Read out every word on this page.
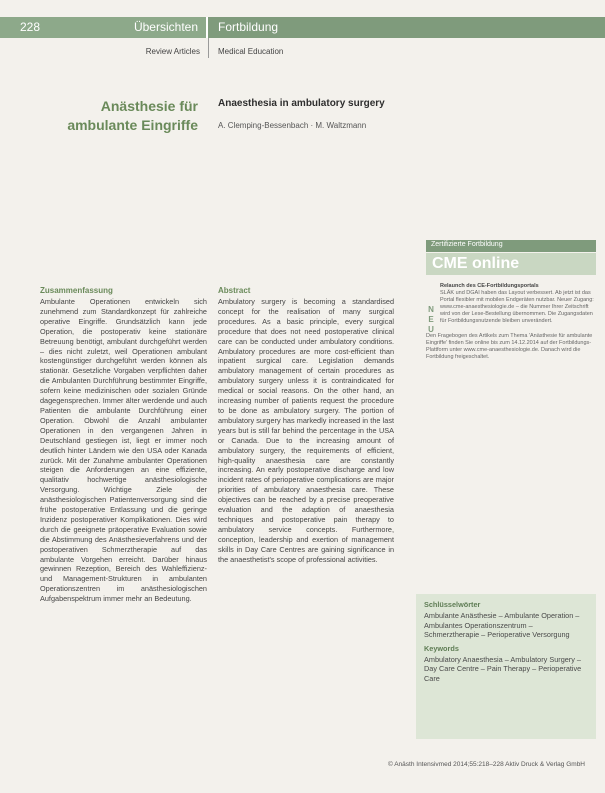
228	Übersichten Fortbildung
Review Articles Medical Education
Anästhesie für ambulante Eingriffe
Anaesthesia in ambulatory surgery
A. Clemping-Bessenbach · M. Waltzmann
Zertifizierte Fortbildung
CME online
N E U
Relaunch des CE-Fortbildungsportals
SLÄK und DGAI haben das Layout verbessert. Ab jetzt ist das Portal flexibler mit mobilen Endgeräten nutzbar. Neuer Zugang: www.cme-anaesthesiologie.de – die Nummer Ihrer Zeitschrift wird von der Lese-Bestellung übernommen. Die Zugangsdaten für Fortbildungsnutzende bleiben unverändert.
Den Fragebogen des Artikels zum Thema 'Anästhesie für ambulante Eingriffe' finden Sie online bis zum 14.12.2014 auf der Fortbildungs-Plattform unter www.cme-anaesthesiologie.de. Danach wird die Fortbildung freigeschaltet.
Zusammenfassung
Ambulante Operationen entwickeln sich zunehmend zum Standardkonzept für zahlreiche operative Eingriffe. Grundsätzlich kann jede Operation, die postoperativ keine stationäre Betreuung benötigt, ambulant durchgeführt werden – dies nicht zuletzt, weil Operationen ambulant kostengünstiger durchgeführt werden können als stationär. Gesetzliche Vorgaben verpflichten daher die Ambulanten Durchführung bestimmter Eingriffe, sofern keine medizinischen oder sozialen Gründe dagegensprechen. Immer älter werdende und auch Patienten die ambulante Durchführung einer Operation. Obwohl die Anzahl ambulanter Operationen in den vergangenen Jahren in Deutschland gestiegen ist, liegt er immer noch deutlich hinter Ländern wie den USA oder Kanada zurück. Mit der Zunahme ambulanter Operationen steigen die Anforderungen an eine effiziente, qualitativ hochwertige anästhesiologische Versorgung. Wichtige Ziele der anästhesiologischen Patientenversorgung sind die frühe postoperative Entlassung und die geringe Inzidenz postoperativer Komplikationen. Dies wird durch die geeignete präoperative Evaluation sowie die Abstimmung des Anästhesieverfahrens und der postoperativen Schmerztherapie auf das ambulante Vorgehen erreicht. Darüber hinaus gewinnen Rezeption, Bereich des Wahleffizienz- und Management-Strukturen in ambulanten Operationszentren im anästhesiologischen Aufgabenspektrum immer mehr an Bedeutung.
Abstract
Ambulatory surgery is becoming a standardised concept for the realisation of many surgical procedures. As a basic principle, every surgical procedure that does not need postoperative clinical care can be conducted under ambulatory conditions. Ambulatory procedures are more cost-efficient than inpatient surgical care. Legislation demands ambulatory management of certain procedures as ambulatory surgery unless it is contraindicated for medical or social reasons. On the other hand, an increasing number of patients request the procedure to be done as ambulatory surgery. The portion of ambulatory surgery has markedly increased in the last years but is still far behind the percentage in the USA or Canada. Due to the increasing amount of ambulatory surgery, the requirements of efficient, high-quality anaesthesia care are constantly increasing. An early postoperative discharge and low incident rates of perioperative complications are major priorities of ambulatory anaesthesia care. These objectives can be reached by a precise preoperative evaluation and the adaption of anaesthesia techniques and postoperative pain therapy to ambulatory service concepts. Furthermore, conception, leadership and exertion of management skills in Day Care Centres are gaining significance in the anaesthetist's scope of professional activities.
Schlüsselwörter
Ambulante Anästhesie – Ambulante Operation – Ambulantes Operationszentrum – Schmerztherapie – Perioperative Versorgung
Keywords
Ambulatory Anaesthesia – Ambulatory Surgery – Day Care Centre – Pain Therapy – Perioperative Care
© Anästh Intensivmed 2014;55:218–228 Aktiv Druck & Verlag GmbH
